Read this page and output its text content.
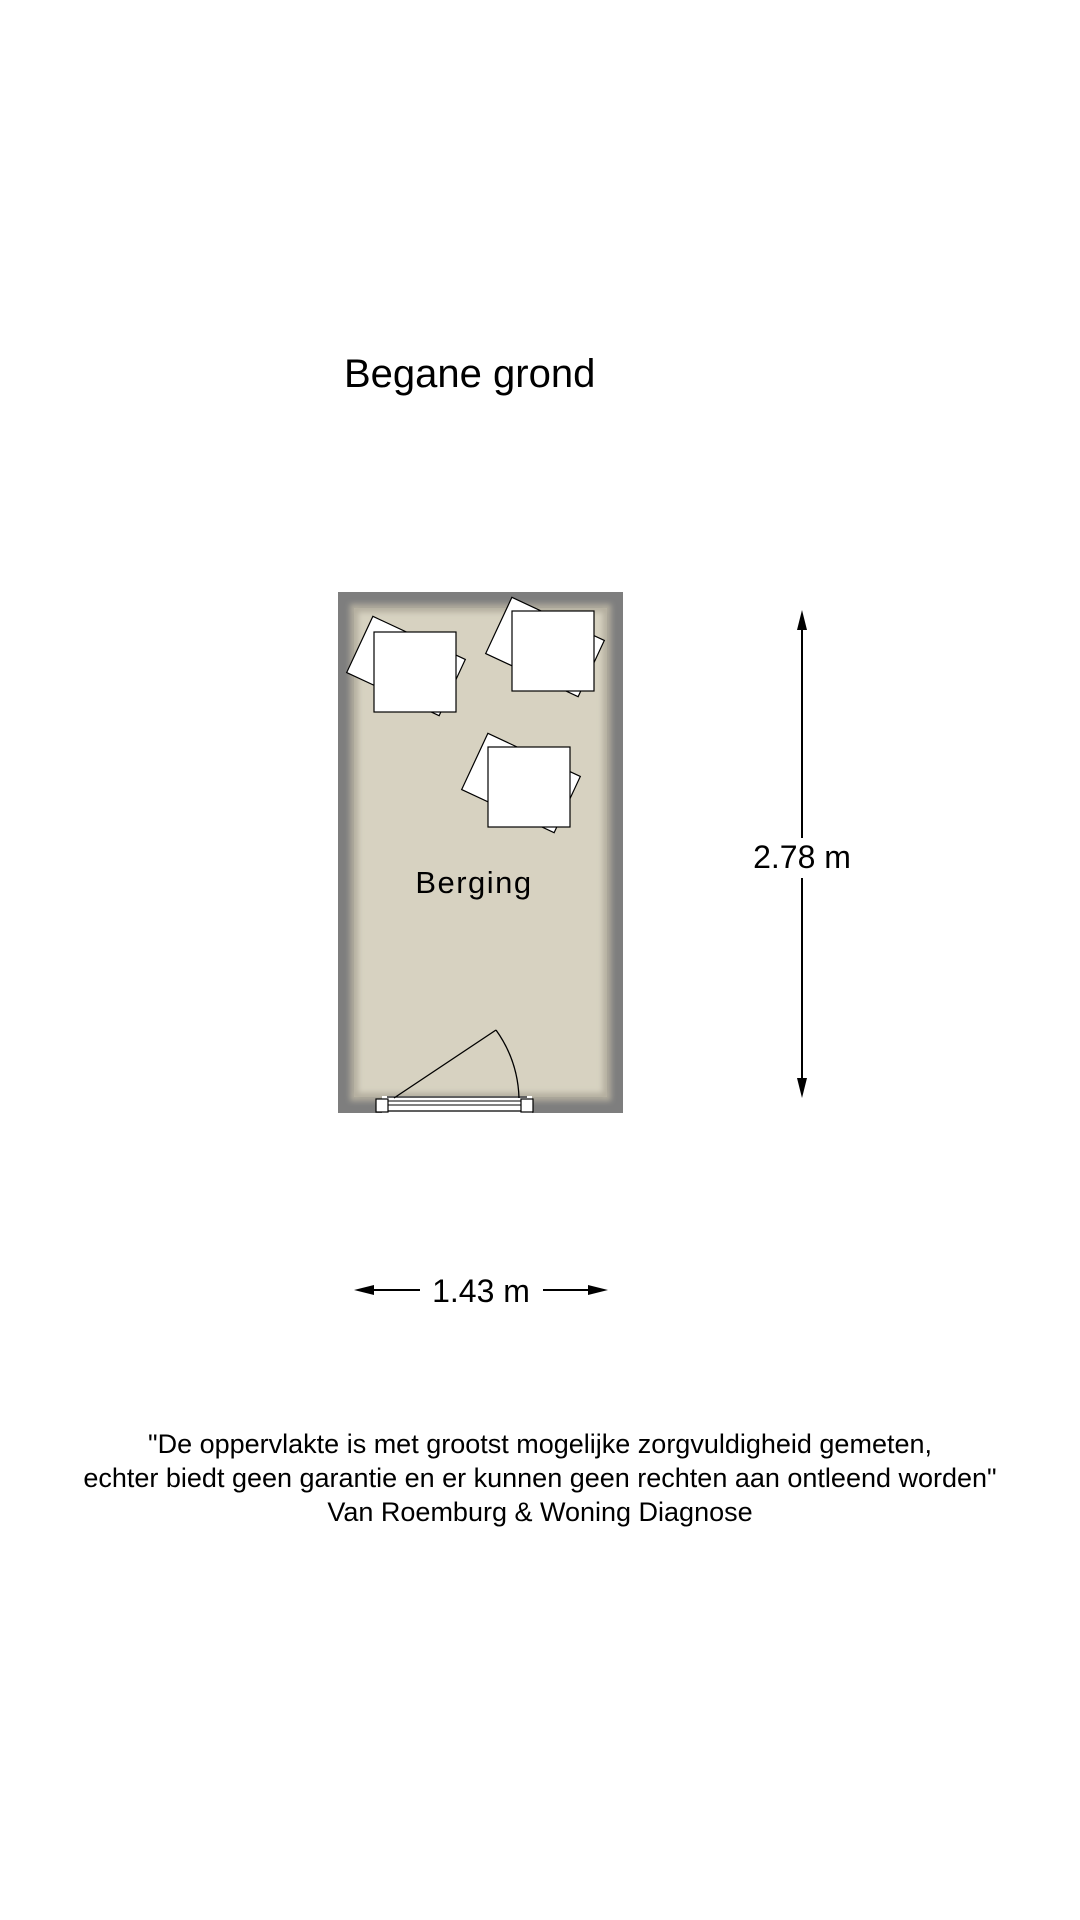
Begane grond
Berging
2.78 m
1.43 m
"De oppervlakte is met grootst mogelijke zorgvuldigheid gemeten,
echter biedt geen garantie en er kunnen geen rechten aan ontleend worden"
Van Roemburg & Woning Diagnose
